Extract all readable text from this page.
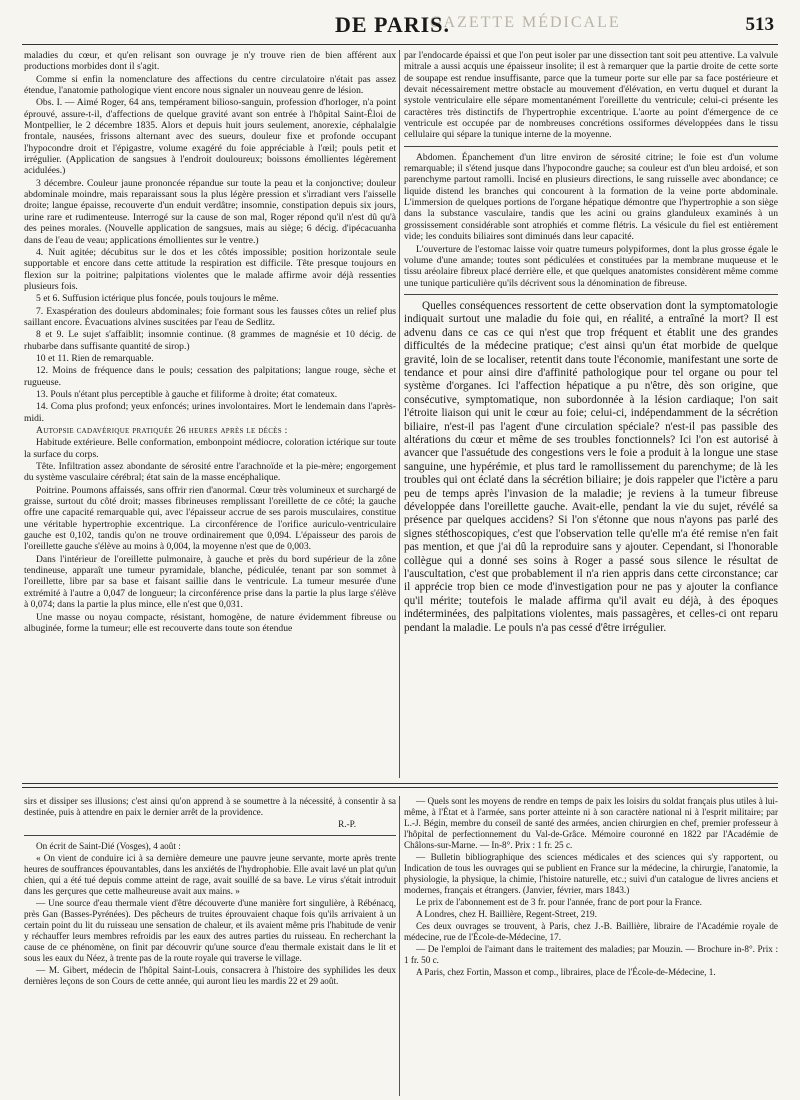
GAZETTE MÉDICALE
DE PARIS.	513

maladies du cœur, et qu'en relisant son ouvrage je n'y trouve rien de bien afférent aux productions morbides dont il s'agit.

Comme si enfin la nomenclature des affections du centre circulatoire n'était pas assez étendue, l'anatomie pathologique vient encore nous signaler un nouveau genre de lésion.

Obs. I. — Aimé Roger, 64 ans, tempérament bilioso-sanguin, profession d'horloger, n'a point éprouvé, assure-t-il, d'affections de quelque gravité avant son entrée à l'hôpital Saint-Éloi de Montpellier, le 2 décembre 1835. Alors et depuis huit jours seulement, anorexie, céphalalgie frontale, nausées, frissons alternant avec des sueurs, douleur fixe et profonde occupant l'hypocondre droit et l'épigastre, volume exagéré du foie appréciable à l'œil; pouls petit et irrégulier. (Application de sangsues à l'endroit douloureux; boissons émollientes légèrement acidulées.)

3 décembre. Couleur jaune prononcée répandue sur toute la peau et la conjonctive; douleur abdominale moindre, mais reparaissant sous la plus légère pression et s'irradiant vers l'aisselle droite; langue épaisse, recouverte d'un enduit verdâtre; insomnie, constipation depuis six jours, urine rare et rudimenteuse. Interrogé sur la cause de son mal, Roger répond qu'il n'est dû qu'à des peines morales. (Nouvelle application de sangsues, mais au siège; 6 décig. d'ipécacuanha dans de l'eau de veau; applications émollientes sur le ventre.)

4. Nuit agitée; décubitus sur le dos et les côtés impossible; position horizontale seule supportable et encore dans cette attitude la respiration est difficile. Tête presque toujours en flexion sur la poitrine; palpitations violentes que le malade affirme avoir déjà ressenties plusieurs fois.

5 et 6. Suffusion ictérique plus foncée, pouls toujours le même.

7. Exaspération des douleurs abdominales; foie formant sous les fausses côtes un relief plus saillant encore. Évacuations alvines suscitées par l'eau de Sedlitz.

8 et 9. Le sujet s'affaiblit; insomnie continue. (8 grammes de magnésie et 10 décig. de rhubarbe dans suffisante quantité de sirop.)

10 et 11. Rien de remarquable.

12. Moins de fréquence dans le pouls; cessation des palpitations; langue rouge, sèche et rugueuse.

13. Pouls n'étant plus perceptible à gauche et filiforme à droite; état comateux.

14. Coma plus profond; yeux enfoncés; urines involontaires. Mort le lendemain dans l'après-midi.

Autopsie cadavérique pratiquée 26 heures après le décès :

Habitude extérieure. Belle conformation, embonpoint médiocre, coloration ictérique sur toute la surface du corps.

Tête. Infiltration assez abondante de sérosité entre l'arachnoïde et la pie-mère; engorgement du système vasculaire cérébral; état sain de la masse encéphalique.

Poitrine. Poumons affaissés, sans offrir rien d'anormal. Cœur très volumineux et surchargé de graisse, surtout du côté droit; masses fibrineuses remplissant l'oreillette de ce côté; la gauche offre une capacité remarquable qui, avec l'épaisseur accrue de ses parois musculaires, constitue une véritable hypertrophie excentrique. La circonférence de l'orifice auriculo-ventriculaire gauche est 0,102, tandis qu'on ne trouve ordinairement que 0,094. L'épaisseur des parois de l'oreillette gauche s'élève au moins à 0,004, la moyenne n'est que de 0,003.

Dans l'intérieur de l'oreillette pulmonaire, à gauche et près du bord supérieur de la zône tendineuse, apparaît une tumeur pyramidale, blanche, pédiculée, tenant par son sommet à l'oreillette, libre par sa base et faisant saillie dans le ventricule. La tumeur mesurée d'une extrémité à l'autre a 0,047 de longueur; la circonférence prise dans la partie la plus large s'élève à 0,074; dans la partie la plus mince, elle n'est que 0,031.

Une masse ou noyau compacte, résistant, homogène, de nature évidemment fibreuse ou albuginée, forme la tumeur; elle est recouverte dans toute son étendue

par l'endocarde épaissi et que l'on peut isoler par une dissection tant soit peu attentive. La valvule mitrale a aussi acquis une épaisseur insolite; il est à remarquer que la partie droite de cette sorte de soupape est rendue insuffisante, parce que la tumeur porte sur elle par sa face postérieure et devait nécessairement mettre obstacle au mouvement d'élévation, en vertu duquel et durant la systole ventriculaire elle sépare momentanément l'oreillette du ventricule; celui-ci présente les caractères très distinctifs de l'hypertrophie excentrique. L'aorte au point d'émergence de ce ventricule est occupée par de nombreuses concrétions ossiformes développées dans le tissu cellulaire qui sépare la tunique interne de la moyenne.

Abdomen. Épanchement d'un litre environ de sérosité citrine; le foie est d'un volume remarquable; il s'étend jusque dans l'hypocondre gauche; sa couleur est d'un bleu ardoisé, et son parenchyme partout ramolli. Incisé en plusieurs directions, le sang ruisselle avec abondance; ce liquide distend les branches qui concourent à la formation de la veine porte abdominale. L'immersion de quelques portions de l'organe hépatique démontre que l'hypertrophie a son siège dans la substance vasculaire, tandis que les acini ou grains glanduleux examinés à un grossissement considérable sont atrophiés et comme flétris. La vésicule du fiel est entièrement vide; les conduits biliaires sont diminués dans leur capacité.

L'ouverture de l'estomac laisse voir quatre tumeurs polypiformes, dont la plus grosse égale le volume d'une amande; toutes sont pédiculées et constituées par la membrane muqueuse et le tissu aréolaire fibreux placé derrière elle, et que quelques anatomistes considèrent même comme une tunique particulière qu'ils décrivent sous la dénomination de fibreuse.

Quelles conséquences ressortent de cette observation dont la symptomatologie indiquait surtout une maladie du foie qui, en réalité, a entraîné la mort? Il est advenu dans ce cas ce qui n'est que trop fréquent et établit une des grandes difficultés de la médecine pratique; c'est ainsi qu'un état morbide de quelque gravité, loin de se localiser, retentit dans toute l'économie, manifestant une sorte de tendance et pour ainsi dire d'affinité pathologique pour tel organe ou pour tel système d'organes. Ici l'affection hépatique a pu n'être, dès son origine, que consécutive, symptomatique, non subordonnée à la lésion cardiaque; l'on sait l'étroite liaison qui unit le cœur au foie; celui-ci, indépendamment de la sécrétion biliaire, n'est-il pas l'agent d'une circulation spéciale? n'est-il pas passible des altérations du cœur et même de ses troubles fonctionnels? Ici l'on est autorisé à avancer que l'assuétude des congestions vers le foie a produit à la longue une stase sanguine, une hypérémie, et plus tard le ramollissement du parenchyme; de là les troubles qui ont éclaté dans la sécrétion biliaire; je dois rappeler que l'ictère a paru peu de temps après l'invasion de la maladie; je reviens à la tumeur fibreuse développée dans l'oreillette gauche. Avait-elle, pendant la vie du sujet, révélé sa présence par quelques accidens? Si l'on s'étonne que nous n'ayons pas parlé des signes stéthoscopiques, c'est que l'observation telle qu'elle m'a été remise n'en fait pas mention, et que j'ai dû la reproduire sans y ajouter. Cependant, si l'honorable collègue qui a donné ses soins à Roger a passé sous silence le résultat de l'auscultation, c'est que probablement il n'a rien appris dans cette circonstance; car il apprécie trop bien ce mode d'investigation pour ne pas y ajouter la confiance qu'il mérite; toutefois le malade affirma qu'il avait eu déjà, à des époques indéterminées, des palpitations violentes, mais passagères, et celles-ci ont reparu pendant la maladie. Le pouls n'a pas cessé d'être irrégulier.

sirs et dissiper ses illusions; c'est ainsi qu'on apprend à se soumettre à la nécessité, à consentir à sa destinée, puis à attendre en paix le dernier arrêt de la providence.

R.-P.

On écrit de Saint-Dié (Vosges), 4 août :

« On vient de conduire ici à sa dernière demeure une pauvre jeune servante, morte après trente heures de souffrances épouvantables, dans les anxiétés de l'hydrophobie. Elle avait lavé un plat qu'un chien, qui a été tué depuis comme atteint de rage, avait souillé de sa bave. Le virus s'était introduit dans les gerçures que cette malheureuse avait aux mains. »

— Une source d'eau thermale vient d'être découverte d'une manière fort singulière, à Rébénacq, près Gan (Basses-Pyrénées). Des pêcheurs de truites éprouvaient chaque fois qu'ils arrivaient à un certain point du lit du ruisseau une sensation de chaleur, et ils avaient même pris l'habitude de venir y réchauffer leurs membres refroidis par les eaux des autres parties du ruisseau. En recherchant la cause de ce phénomène, on finit par découvrir qu'une source d'eau thermale existait dans le lit et sous les eaux du Néez, à trente pas de la route royale qui traverse le village.

— M. Gibert, médecin de l'hôpital Saint-Louis, consacrera à l'histoire des syphilides les deux dernières leçons de son Cours de cette année, qui auront lieu les mardis 22 et 29 août.

— Quels sont les moyens de rendre en temps de paix les loisirs du soldat français plus utiles à lui-même, à l'État et à l'armée, sans porter atteinte ni à son caractère national ni à l'esprit militaire; par L.-J. Bégin, membre du conseil de santé des armées, ancien chirurgien en chef, premier professeur à l'hôpital de perfectionnement du Val-de-Grâce. Mémoire couronné en 1822 par l'Académie de Châlons-sur-Marne. — In-8°. Prix : 1 fr. 25 c.

— Bulletin bibliographique des sciences médicales et des sciences qui s'y rapportent, ou Indication de tous les ouvrages qui se publient en France sur la médecine, la chirurgie, l'anatomie, la physiologie, la physique, la chimie, l'histoire naturelle, etc.; suivi d'un catalogue de livres anciens et modernes, français et étrangers. (Janvier, février, mars 1843.)

Le prix de l'abonnement est de 3 fr. pour l'année, franc de port pour la France.

A Londres, chez H. Baillière, Regent-Street, 219.

Ces deux ouvrages se trouvent, à Paris, chez J.-B. Baillière, libraire de l'Académie royale de médecine, rue de l'École-de-Médecine, 17.

— De l'emploi de l'aimant dans le traitement des maladies; par Mouzin. — Brochure in-8°. Prix : 1 fr. 50 c.

A Paris, chez Fortin, Masson et comp., libraires, place de l'École-de-Médecine, 1.
